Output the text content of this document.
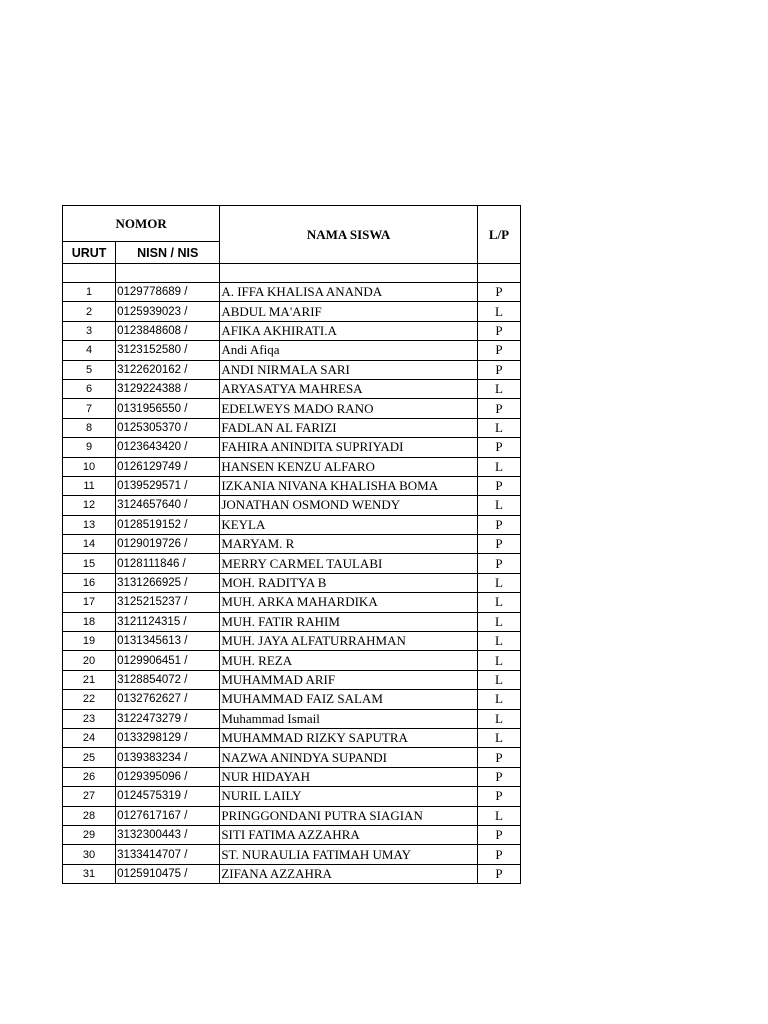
NOMOR		NAMA SISWA	L/P
URUT	NISN / NIS		

1	0129778689 /	A. IFFA KHALISA ANANDA	P
2	0125939023 /	ABDUL MA'ARIF	L
3	0123848608 /	AFIKA AKHIRATI.A	P
4	3123152580 /	Andi Afiqa	P
5	3122620162 /	ANDI NIRMALA SARI	P
6	3129224388 /	ARYASATYA MAHRESA	L
7	0131956550 /	EDELWEYS MADO RANO	P
8	0125305370 /	FADLAN AL FARIZI	L
9	0123643420 /	FAHIRA ANINDITA SUPRIYADI	P
10	0126129749 /	HANSEN KENZU ALFARO	L
11	0139529571 /	IZKANIA NIVANA KHALISHA BOMA	P
12	3124657640 /	JONATHAN OSMOND WENDY	L
13	0128519152 /	KEYLA	P
14	0129019726 /	MARYAM. R	P
15	0128111846 /	MERRY CARMEL TAULABI	P
16	3131266925 /	MOH. RADITYA B	L
17	3125215237 /	MUH. ARKA MAHARDIKA	L
18	3121124315 /	MUH. FATIR RAHIM	L
19	0131345613 /	MUH. JAYA ALFATURRAHMAN	L
20	0129906451 /	MUH. REZA	L
21	3128854072 /	MUHAMMAD ARIF	L
22	0132762627 /	MUHAMMAD FAIZ SALAM	L
23	3122473279 /	Muhammad Ismail	L
24	0133298129 /	MUHAMMAD RIZKY SAPUTRA	L
25	0139383234 /	NAZWA ANINDYA SUPANDI	P
26	0129395096 /	NUR HIDAYAH	P
27	0124575319 /	NURIL LAILY	P
28	0127617167 /	PRINGGONDANI PUTRA SIAGIAN	L
29	3132300443 /	SITI FATIMA AZZAHRA	P
30	3133414707 /	ST. NURAULIA FATIMAH UMAY	P
31	0125910475 /	ZIFANA AZZAHRA	P
